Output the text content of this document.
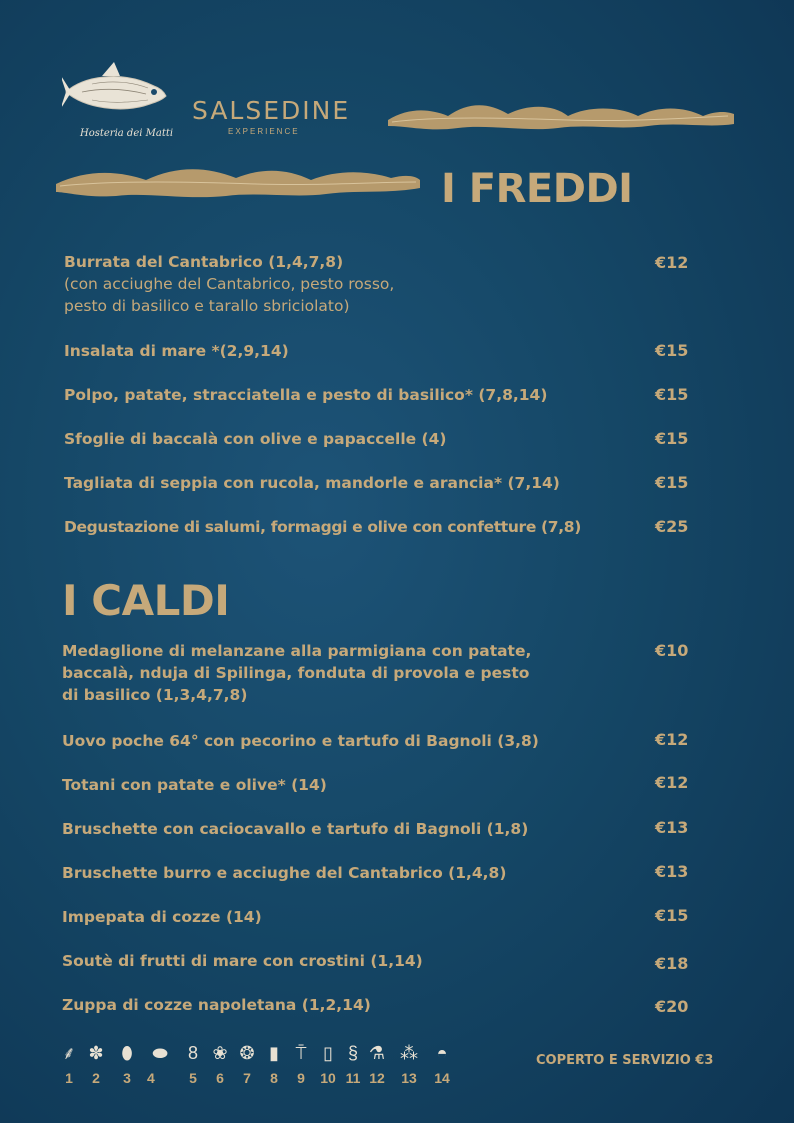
Hosteria dei Matti
SALSEDINE
EXPERIENCE
I FREDDI
Burrata del Cantabrico (1,4,7,8)
(con acciughe del Cantabrico, pesto rosso,
pesto di basilico e tarallo sbriciolato)
€12
Insalata di mare *(2,9,14)	€15
Polpo, patate, stracciatella e pesto di basilico* (7,8,14)	€15
Sfoglie di baccalà con olive e papaccelle (4)	€15
Tagliata di seppia con rucola, mandorle e arancia* (7,14)	€15
Degustazione di salumi, formaggi e olive con confetture (7,8)	€25
I CALDI
Medaglione di melanzane alla parmigiana con patate,
baccalà, nduja di Spilinga, fonduta di provola e pesto
di basilico (1,3,4,7,8)
€10
Uovo poche 64° con pecorino e tartufo di Bagnoli (3,8)	€12
Totani con patate e olive* (14)	€12
Bruschette con caciocavallo e tartufo di Bagnoli (1,8)	€13
Bruschette burro e acciughe del Cantabrico (1,4,8)	€13
Impepata di cozze (14)	€15
Soutè di frutti di mare con crostini (1,14)	€18
Zuppa di cozze napoletana (1,2,14)	€20
⸙
1
✽
2
⬮
3
⬬
4
8
5
❀
6
❂
7
▮
8
⍑
9
▯
10
§
11
⚗
12
⁂
13
◓
14
COPERTO E SERVIZIO €3
